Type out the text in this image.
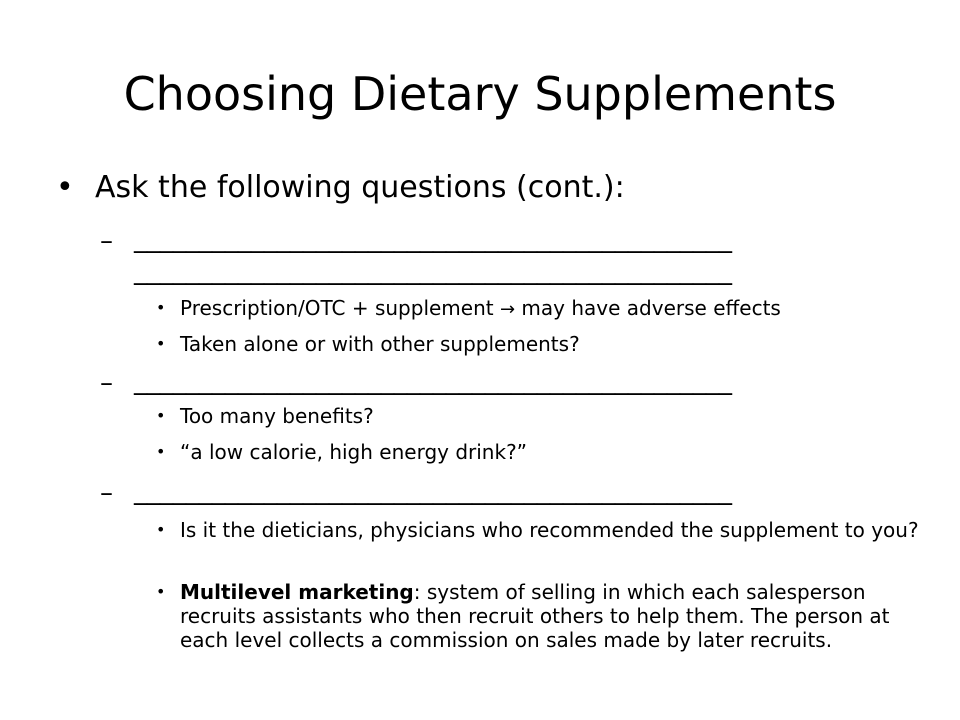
Choosing Dietary Supplements
• Ask the following questions (cont.):
– ______________________________________________
______________________________________________
• Prescription/OTC + supplement → may have adverse effects
• Taken alone or with other supplements?
– ______________________________________________
• Too many benefits?
• “a low calorie, high energy drink?”
– ______________________________________________
• Is it the dieticians, physicians who recommended the supplement to you?
• Multilevel marketing: system of selling in which each salesperson recruits assistants who then recruit others to help them. The person at each level collects a commission on sales made by later recruits.
